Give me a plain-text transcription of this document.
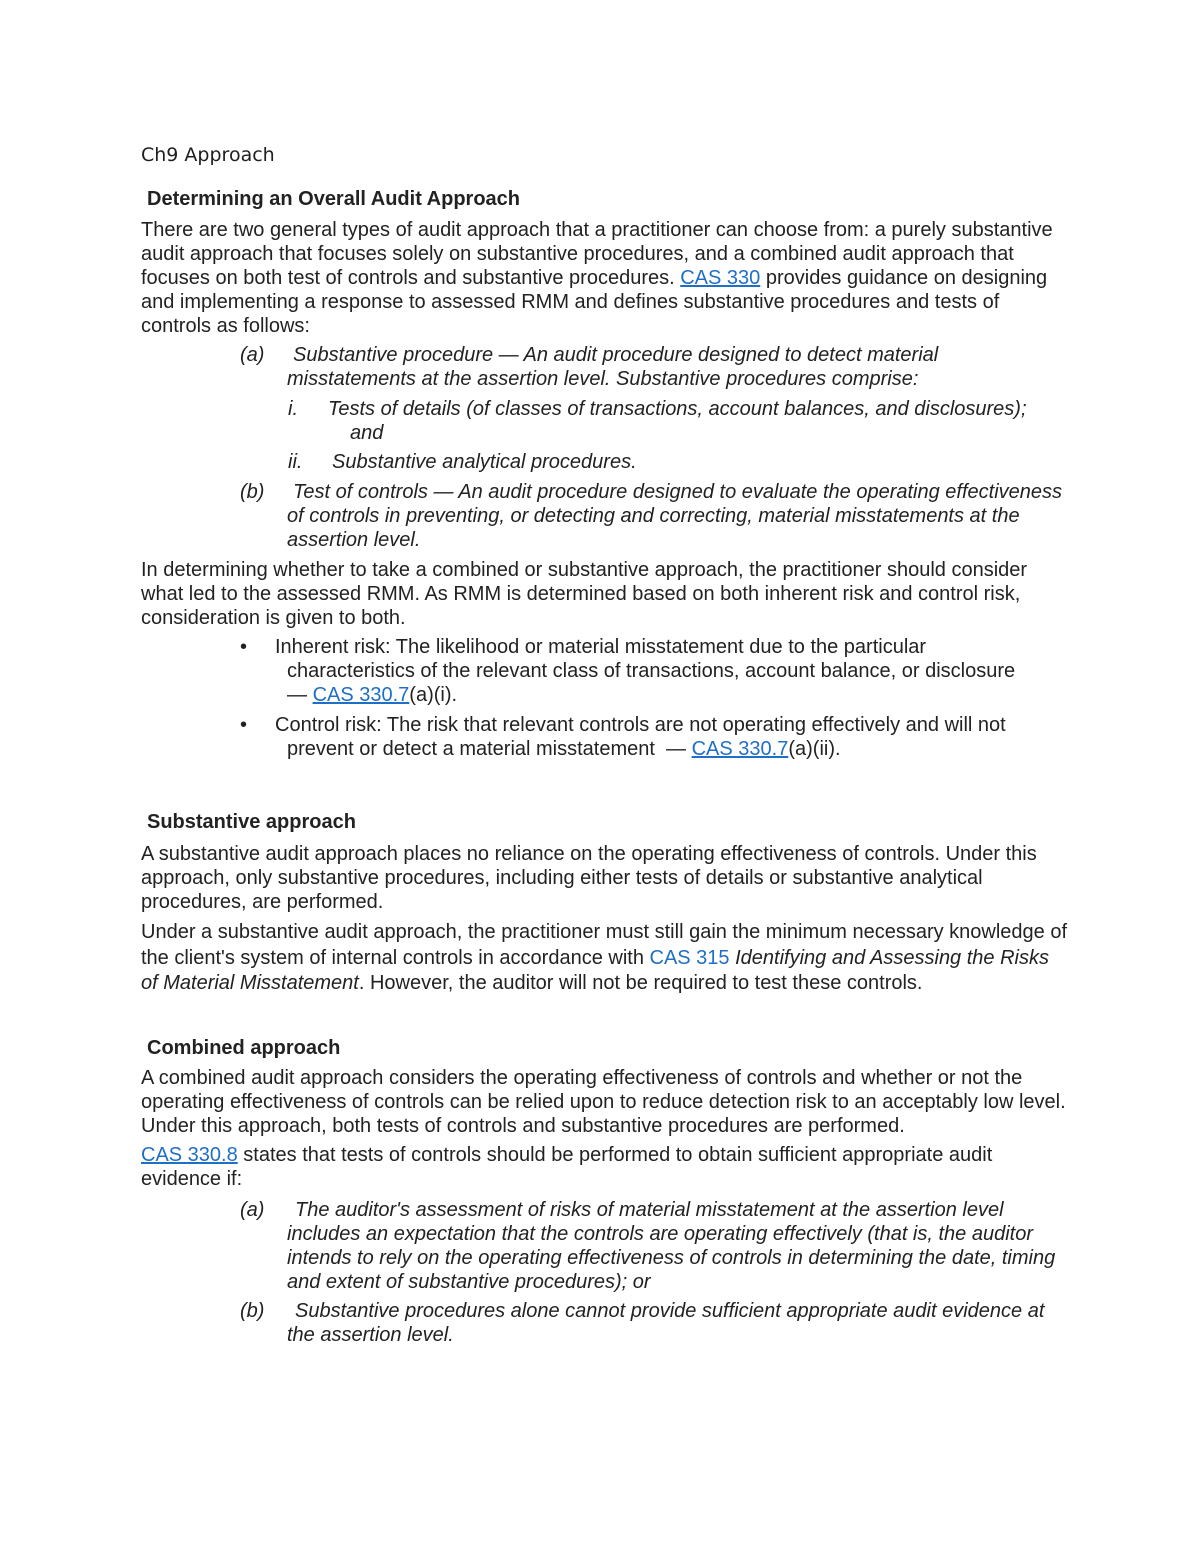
Ch9 Approach
Determining an Overall Audit Approach
There are two general types of audit approach that a practitioner can choose from: a purely substantive audit approach that focuses solely on substantive procedures, and a combined audit approach that focuses on both test of controls and substantive procedures. CAS 330 provides guidance on designing and implementing a response to assessed RMM and defines substantive procedures and tests of controls as follows:
(a)	Substantive procedure — An audit procedure designed to detect material misstatements at the assertion level. Substantive procedures comprise:
i. Tests of details (of classes of transactions, account balances, and disclosures);
and
ii. Substantive analytical procedures.
(b)	Test of controls — An audit procedure designed to evaluate the operating effectiveness of controls in preventing, or detecting and correcting, material misstatements at the assertion level.
In determining whether to take a combined or substantive approach, the practitioner should consider what led to the assessed RMM. As RMM is determined based on both inherent risk and control risk, consideration is given to both.
• Inherent risk: The likelihood or material misstatement due to the particular
characteristics of the relevant class of transactions, account balance, or disclosure
— CAS 330.7(a)(i).
• Control risk: The risk that relevant controls are not operating effectively and will not
prevent or detect a material misstatement  — CAS 330.7(a)(ii).
Substantive approach
A substantive audit approach places no reliance on the operating effectiveness of controls. Under this approach, only substantive procedures, including either tests of details or substantive analytical procedures, are performed.
Under a substantive audit approach, the practitioner must still gain the minimum necessary knowledge of the client's system of internal controls in accordance with CAS 315 Identifying and Assessing the Risks of Material Misstatement. However, the auditor will not be required to test these controls.
Combined approach
A combined audit approach considers the operating effectiveness of controls and whether or not the operating effectiveness of controls can be relied upon to reduce detection risk to an acceptably low level. Under this approach, both tests of controls and substantive procedures are performed.
CAS 330.8 states that tests of controls should be performed to obtain sufficient appropriate audit evidence if:
(a)	The auditor's assessment of risks of material misstatement at the assertion level includes an expectation that the controls are operating effectively (that is, the auditor intends to rely on the operating effectiveness of controls in determining the date, timing and extent of substantive procedures); or
(b)	Substantive procedures alone cannot provide sufficient appropriate audit evidence at the assertion level.
